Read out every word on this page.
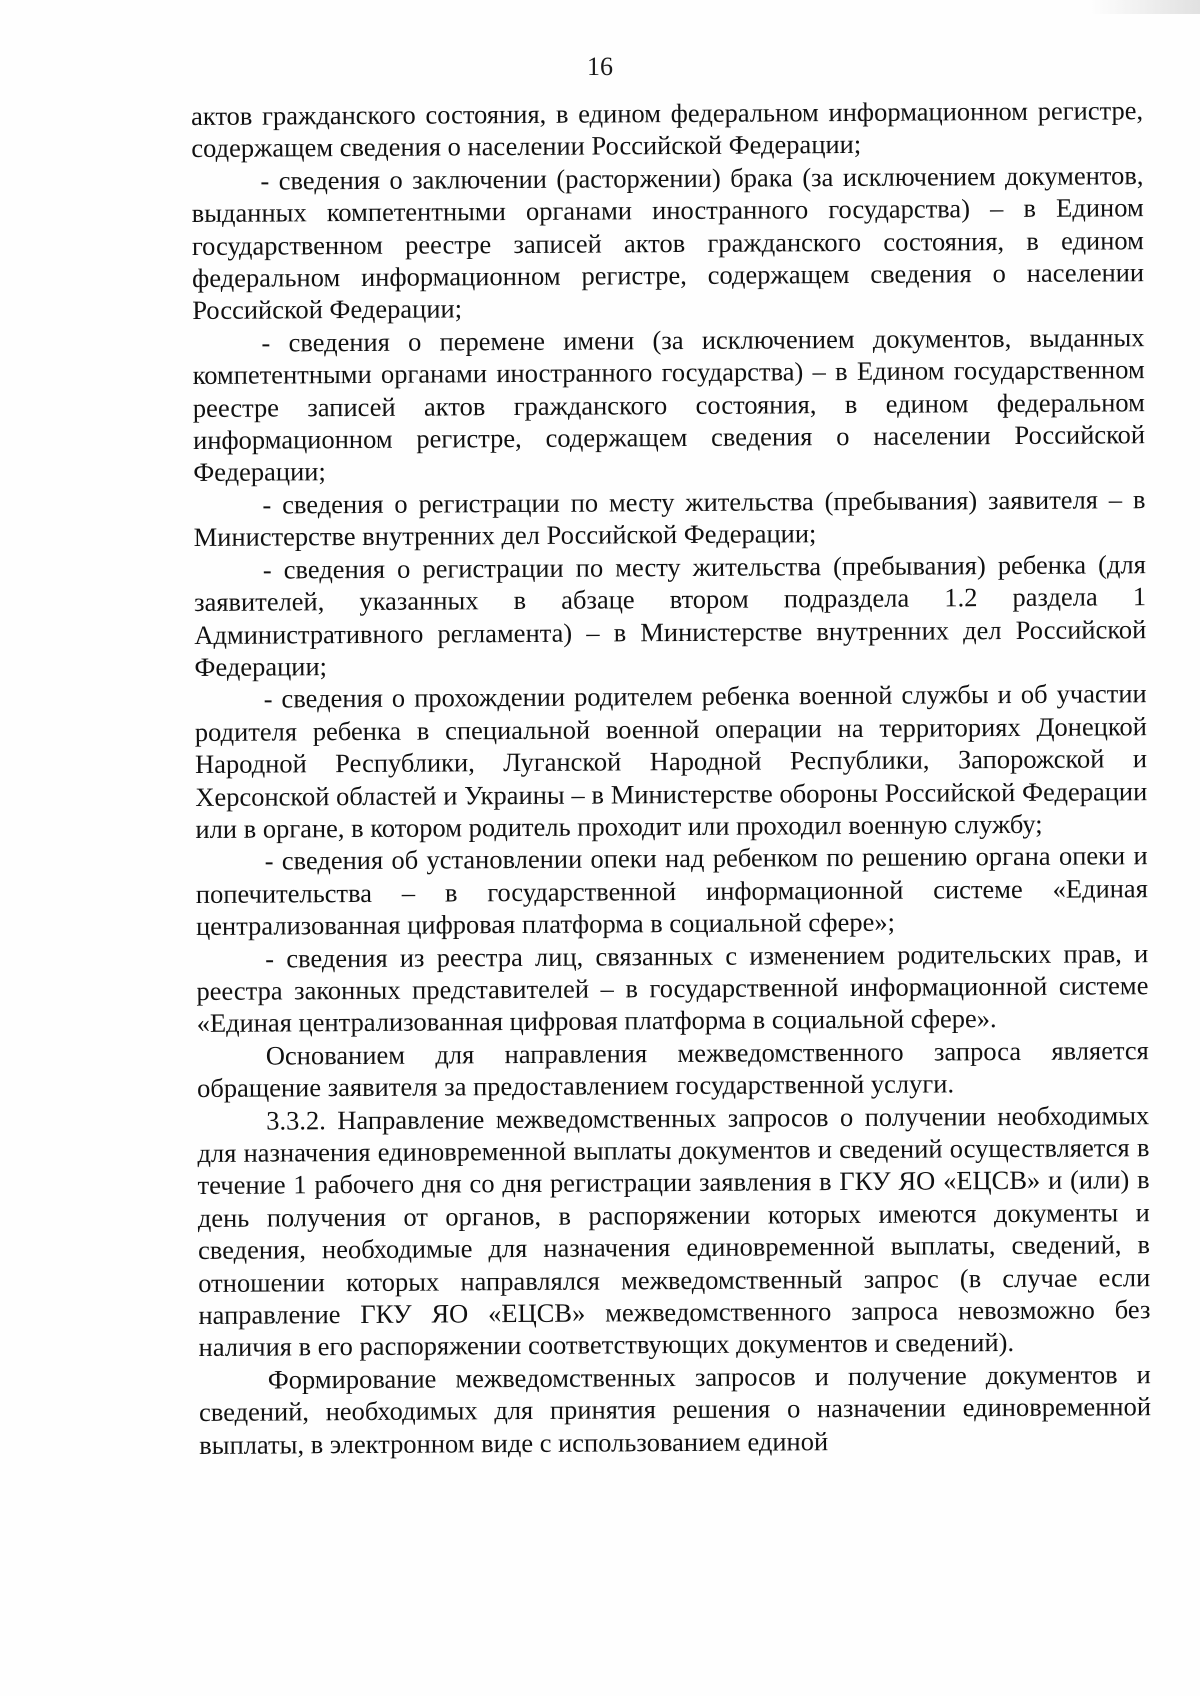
16

актов гражданского состояния, в едином федеральном информационном регистре, содержащем сведения о населении Российской Федерации;

- сведения о заключении (расторжении) брака (за исключением документов, выданных компетентными органами иностранного государства) – в Едином государственном реестре записей актов гражданского состояния, в едином федеральном информационном регистре, содержащем сведения о населении Российской Федерации;

- сведения о перемене имени (за исключением документов, выданных компетентными органами иностранного государства) – в Едином государственном реестре записей актов гражданского состояния, в едином федеральном информационном регистре, содержащем сведения о населении Российской Федерации;

- сведения о регистрации по месту жительства (пребывания) заявителя – в Министерстве внутренних дел Российской Федерации;

- сведения о регистрации по месту жительства (пребывания) ребенка (для заявителей, указанных в абзаце втором подраздела 1.2 раздела 1 Административного регламента) – в Министерстве внутренних дел Российской Федерации;

- сведения о прохождении родителем ребенка военной службы и об участии родителя ребенка в специальной военной операции на территориях Донецкой Народной Республики, Луганской Народной Республики, Запорожской и Херсонской областей и Украины – в Министерстве обороны Российской Федерации или в органе, в котором родитель проходит или проходил военную службу;

- сведения об установлении опеки над ребенком по решению органа опеки и попечительства – в государственной информационной системе «Единая централизованная цифровая платформа в социальной сфере»;

- сведения из реестра лиц, связанных с изменением родительских прав, и реестра законных представителей – в государственной информационной системе «Единая централизованная цифровая платформа в социальной сфере».

Основанием для направления межведомственного запроса является обращение заявителя за предоставлением государственной услуги.

3.3.2. Направление межведомственных запросов о получении необходимых для назначения единовременной выплаты документов и сведений осуществляется в течение 1 рабочего дня со дня регистрации заявления в ГКУ ЯО «ЕЦСВ» и (или) в день получения от органов, в распоряжении которых имеются документы и сведения, необходимые для назначения единовременной выплаты, сведений, в отношении которых направлялся межведомственный запрос (в случае если направление ГКУ ЯО «ЕЦСВ» межведомственного запроса невозможно без наличия в его распоряжении соответствующих документов и сведений).

Формирование межведомственных запросов и получение документов и сведений, необходимых для принятия решения о назначении единовременной выплаты, в электронном виде с использованием единой
